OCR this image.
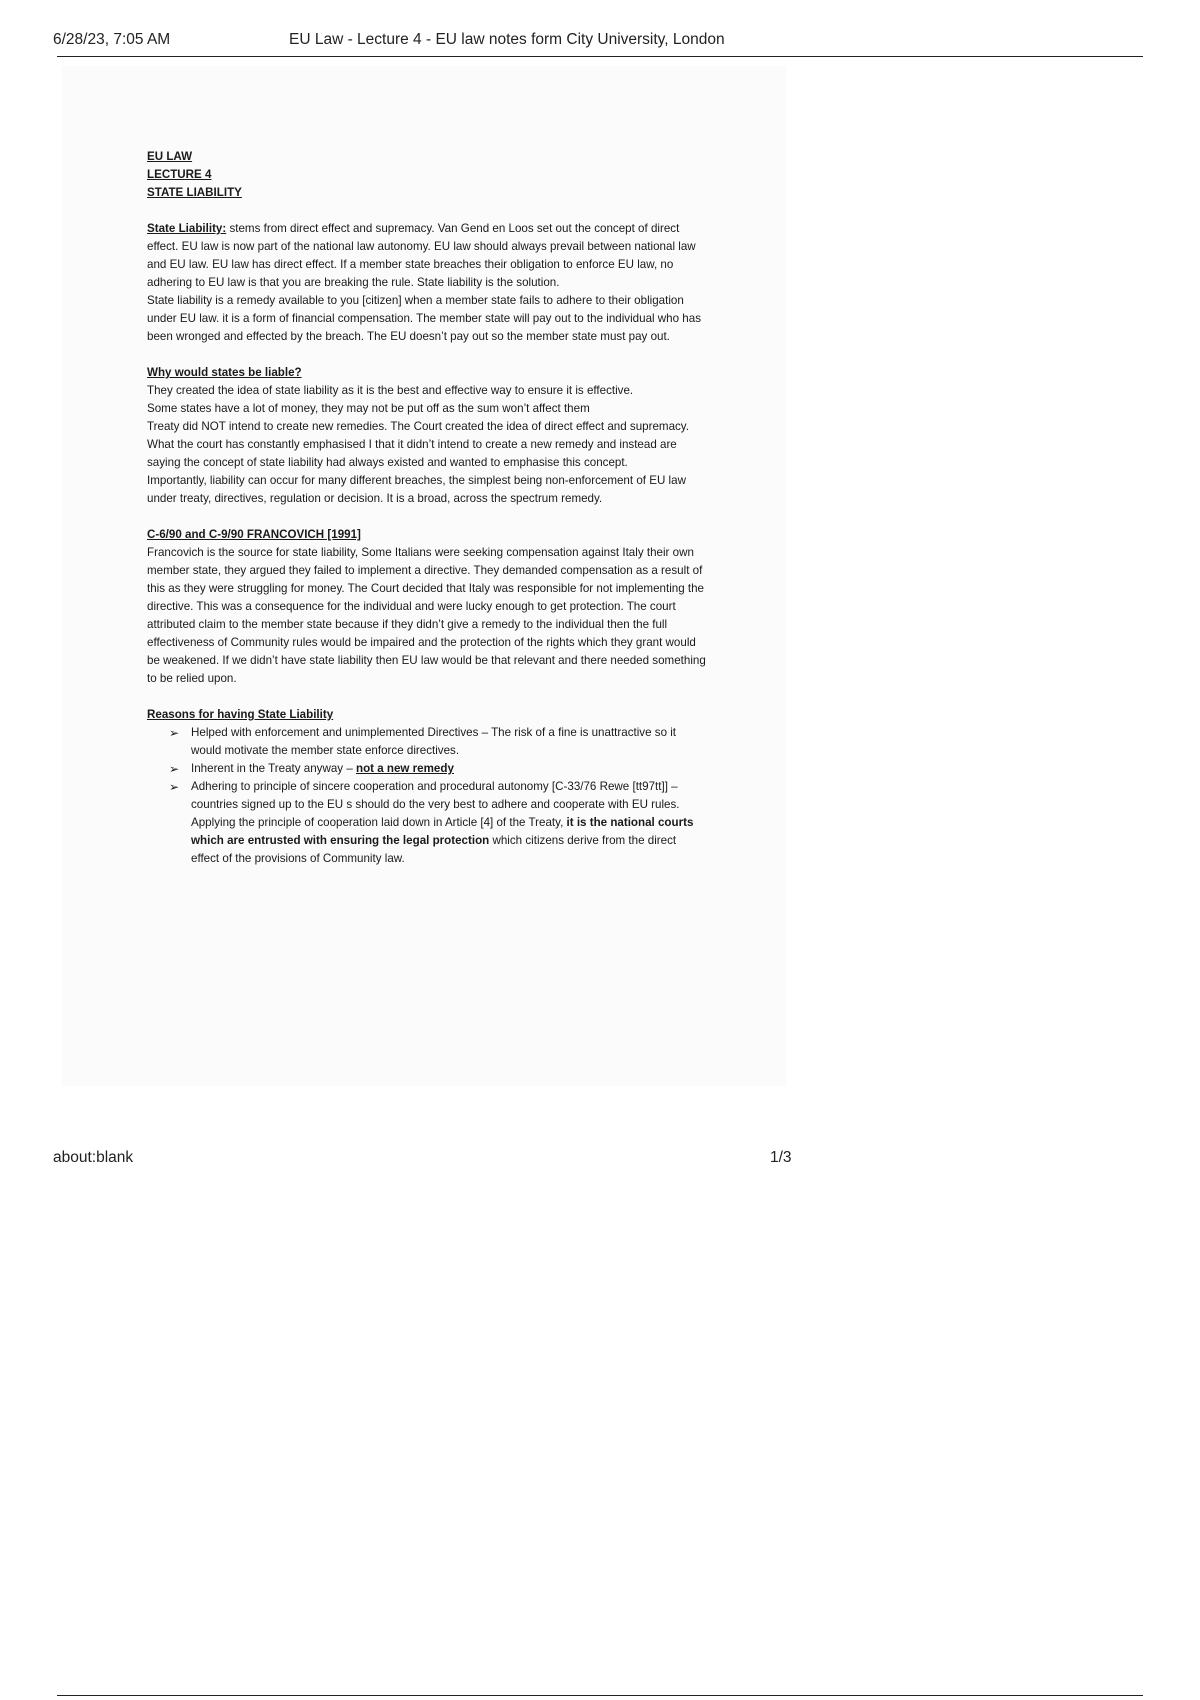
6/28/23, 7:05 AM	EU Law - Lecture 4 - EU law notes form City University, London
EU LAW
LECTURE 4
STATE LIABILITY

State Liability: stems from direct effect and supremacy. Van Gend en Loos set out the concept of direct effect. EU law is now part of the national law autonomy. EU law should always prevail between national law and EU law. EU law has direct effect. If a member state breaches their obligation to enforce EU law, no adhering to EU law is that you are breaking the rule. State liability is the solution.

State liability is a remedy available to you [citizen] when a member state fails to adhere to their obligation under EU law. it is a form of financial compensation. The member state will pay out to the individual who has been wronged and effected by the breach. The EU doesn’t pay out so the member state must pay out.

Why would states be liable?

They created the idea of state liability as it is the best and effective way to ensure it is effective.

Some states have a lot of money, they may not be put off as the sum won’t affect them

Treaty did NOT intend to create new remedies. The Court created the idea of direct effect and supremacy. What the court has constantly emphasised I that it didn’t intend to create a new remedy and instead are saying the concept of state liability had always existed and wanted to emphasise this concept.

Importantly, liability can occur for many different breaches, the simplest being non-enforcement of EU law under treaty, directives, regulation or decision. It is a broad, across the spectrum remedy.

C-6/90 and C-9/90 FRANCOVICH [1991]

Francovich is the source for state liability, Some Italians were seeking compensation against Italy their own member state, they argued they failed to implement a directive. They demanded compensation as a result of this as they were struggling for money. The Court decided that Italy was responsible for not implementing the directive. This was a consequence for the individual and were lucky enough to get protection. The court attributed claim to the member state because if they didn’t give a remedy to the individual then the full effectiveness of Community rules would be impaired and the protection of the rights which they grant would be weakened. If we didn’t have state liability then EU law would be that relevant and there needed something to be relied upon.

Reasons for having State Liability
➢ Helped with enforcement and unimplemented Directives – The risk of a fine is unattractive so it would motivate the member state enforce directives.
➢ Inherent in the Treaty anyway – not a new remedy
➢ Adhering to principle of sincere cooperation and procedural autonomy [C-33/76 Rewe [tt97tt]] – countries signed up to the EU s should do the very best to adhere and cooperate with EU rules.

Applying the principle of cooperation laid down in Article [4] of the Treaty, it is the national courts which are entrusted with ensuring the legal protection which citizens derive from the direct effect of the provisions of Community law.

about:blank	1/3
